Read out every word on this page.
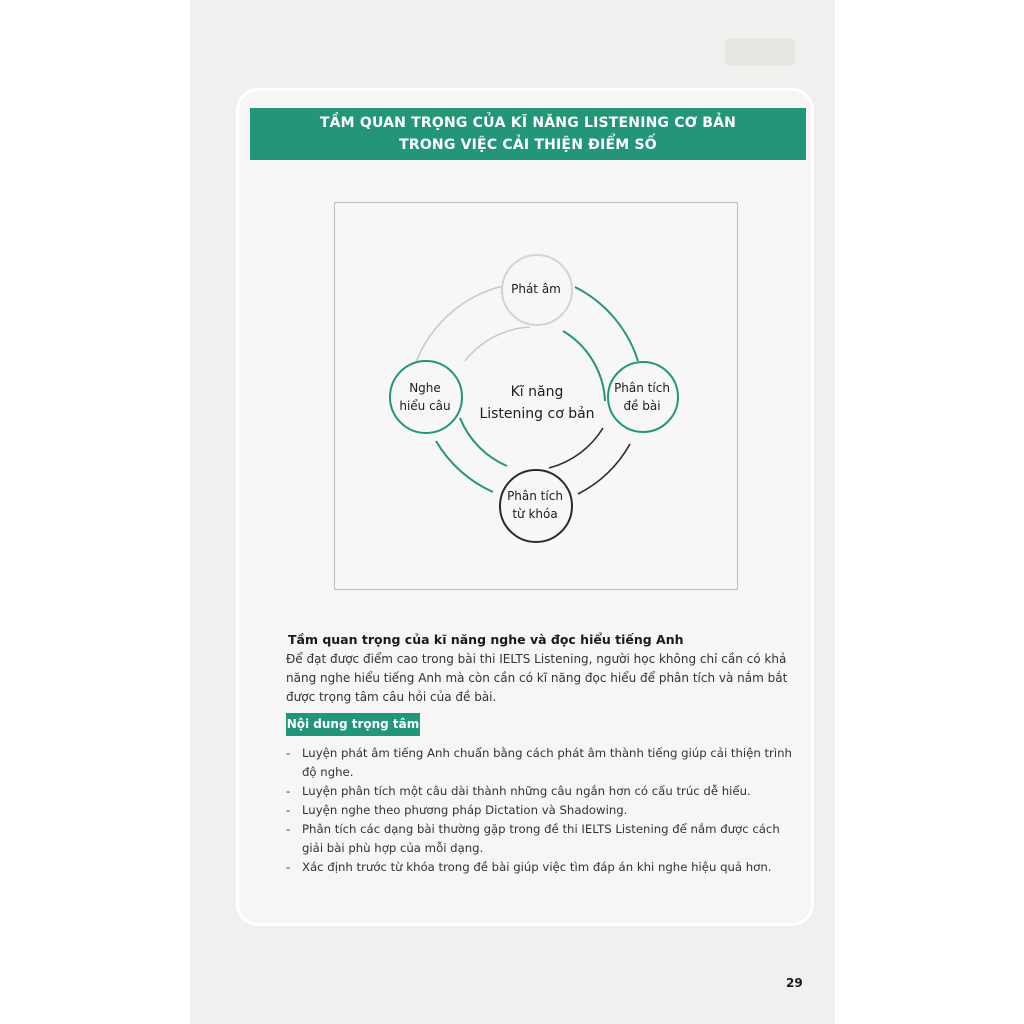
TẦM QUAN TRỌNG CỦA KĨ NĂNG LISTENING CƠ BẢN
TRONG VIỆC CẢI THIỆN ĐIỂM SỐ
Phát âm
Phân tích
đề bài
Phân tích
từ khóa
Nghe
hiểu câu
Kĩ năng
Listening cơ bản
Tầm quan trọng của kĩ năng nghe và đọc hiểu tiếng Anh
Để đạt được điểm cao trong bài thi IELTS Listening, người học không chỉ cần có khả
năng nghe hiểu tiếng Anh mà còn cần có kĩ năng đọc hiểu để phân tích và nắm bắt
được trọng tâm câu hỏi của đề bài.
Nội dung trọng tâm
- Luyện phát âm tiếng Anh chuẩn bằng cách phát âm thành tiếng giúp cải thiện trình
độ nghe.
- Luyện phân tích một câu dài thành những câu ngắn hơn có cấu trúc dễ hiểu.
- Luyện nghe theo phương pháp Dictation và Shadowing.
- Phân tích các dạng bài thường gặp trong đề thi IELTS Listening để nắm được cách
giải bài phù hợp của mỗi dạng.
- Xác định trước từ khóa trong đề bài giúp việc tìm đáp án khi nghe hiệu quả hơn.
29
